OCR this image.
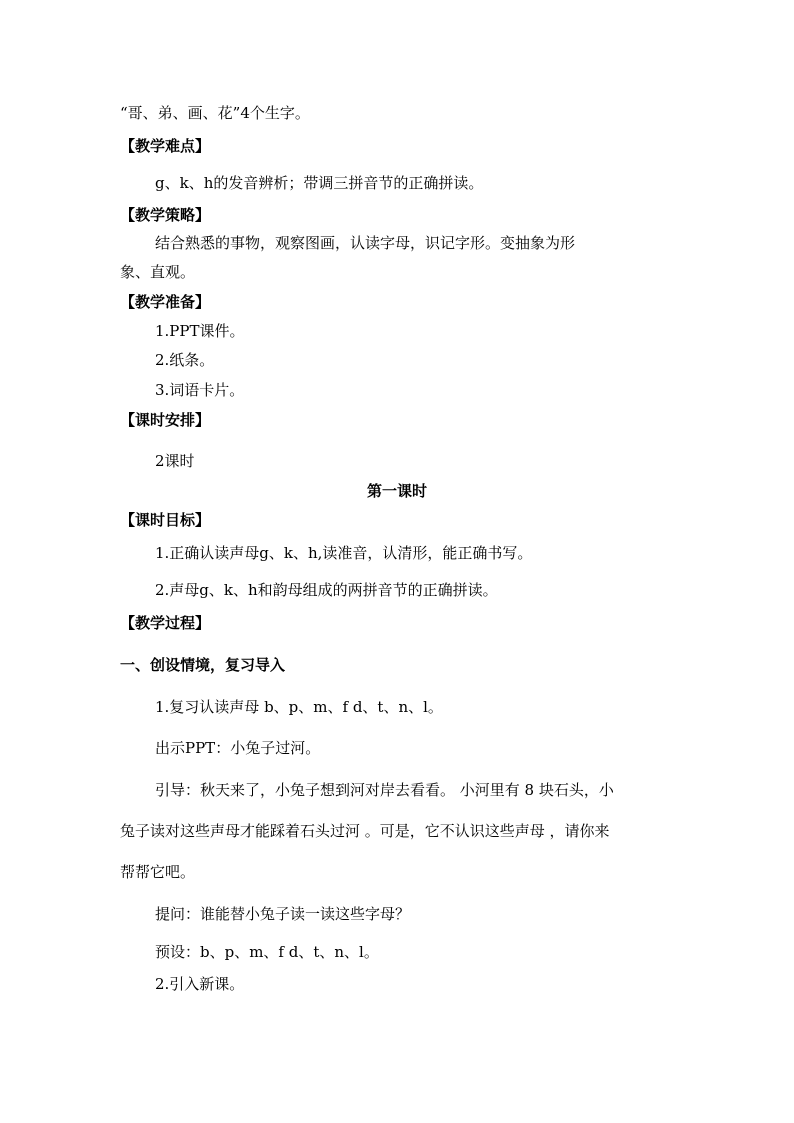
“哥、弟、画、花”4个生字。
【教学难点】
g、k、h的发音辨析；带调三拼音节的正确拼读。
【教学策略】
结合熟悉的事物，观察图画，认读字母，识记字形。变抽象为形
象、直观。
【教学准备】
1.PPT课件。
2.纸条。
3.词语卡片。
【课时安排】
2课时
第一课时
【课时目标】
1.正确认读声母g、k、h,读准音，认清形，能正确书写。
2.声母g、k、h和韵母组成的两拼音节的正确拼读。
【教学过程】
一、创设情境，复习导入
1.复习认读声母 b、p、m、f d、t、n、l。
出示PPT：小兔子过河。
引导：秋天来了，小兔子想到河对岸去看看。 小河里有 8 块石头，小
兔子读对这些声母才能踩着石头过河 。可是，它不认识这些声母 ，请你来
帮帮它吧。
提问：谁能替小兔子读一读这些字母？
预设：b、p、m、f d、t、n、l。
2.引入新课。
